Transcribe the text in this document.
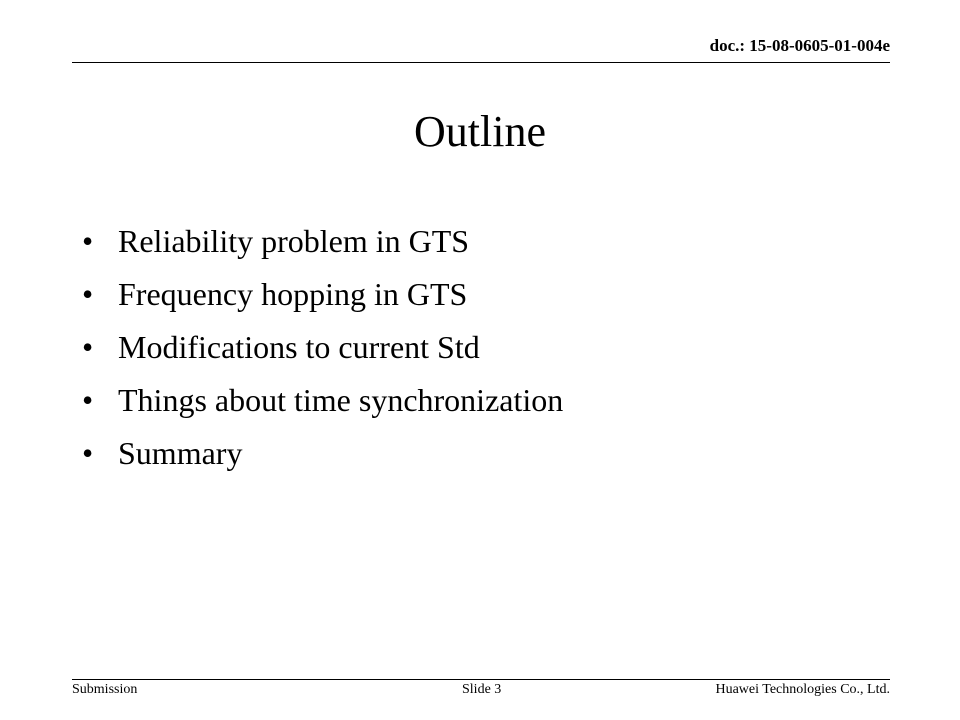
doc.: 15-08-0605-01-004e
Outline
• Reliability problem in GTS
• Frequency hopping in GTS
• Modifications to current Std
• Things about time synchronization
• Summary
Submission	Slide 3	Huawei Technologies Co., Ltd.
